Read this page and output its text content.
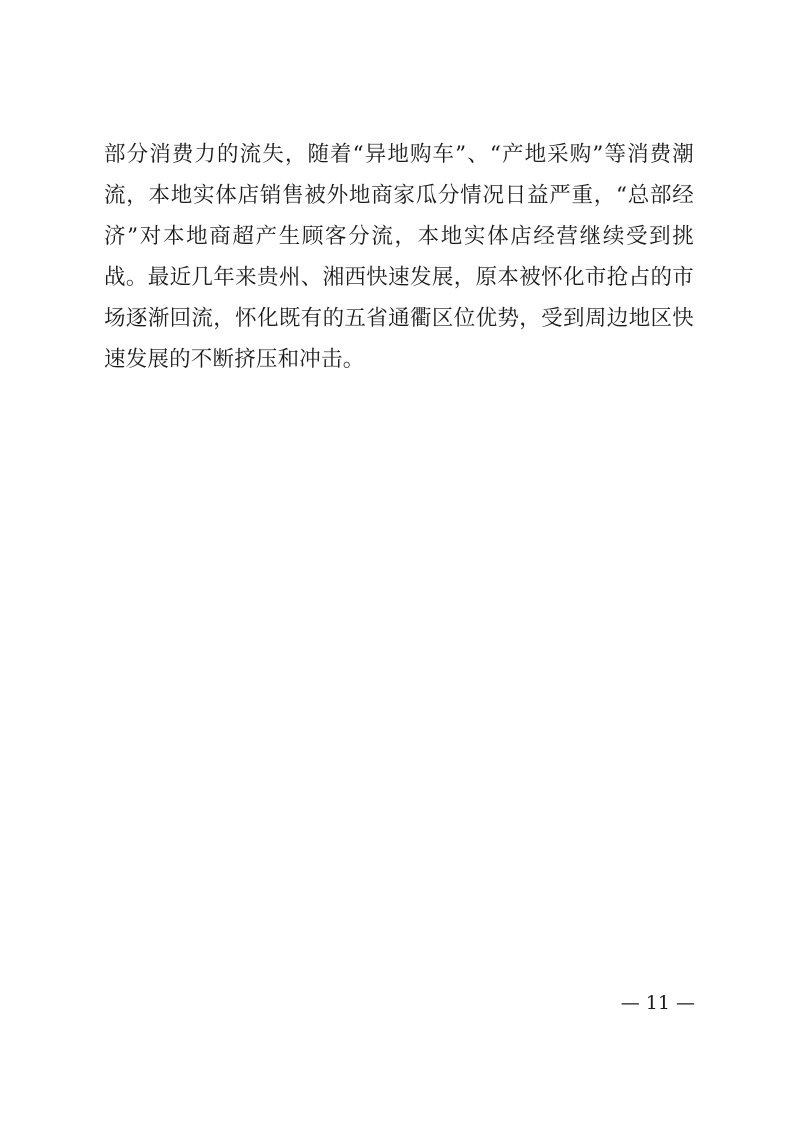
部分消费力的流失，随着“异地购车”、“产地采购”等消费潮流，本地实体店销售被外地商家瓜分情况日益严重，“总部经济”对本地商超产生顾客分流，本地实体店经营继续受到挑战。最近几年来贵州、湘西快速发展，原本被怀化市抢占的市场逐渐回流，怀化既有的五省通衢区位优势，受到周边地区快速发展的不断挤压和冲击。

— 11 —
